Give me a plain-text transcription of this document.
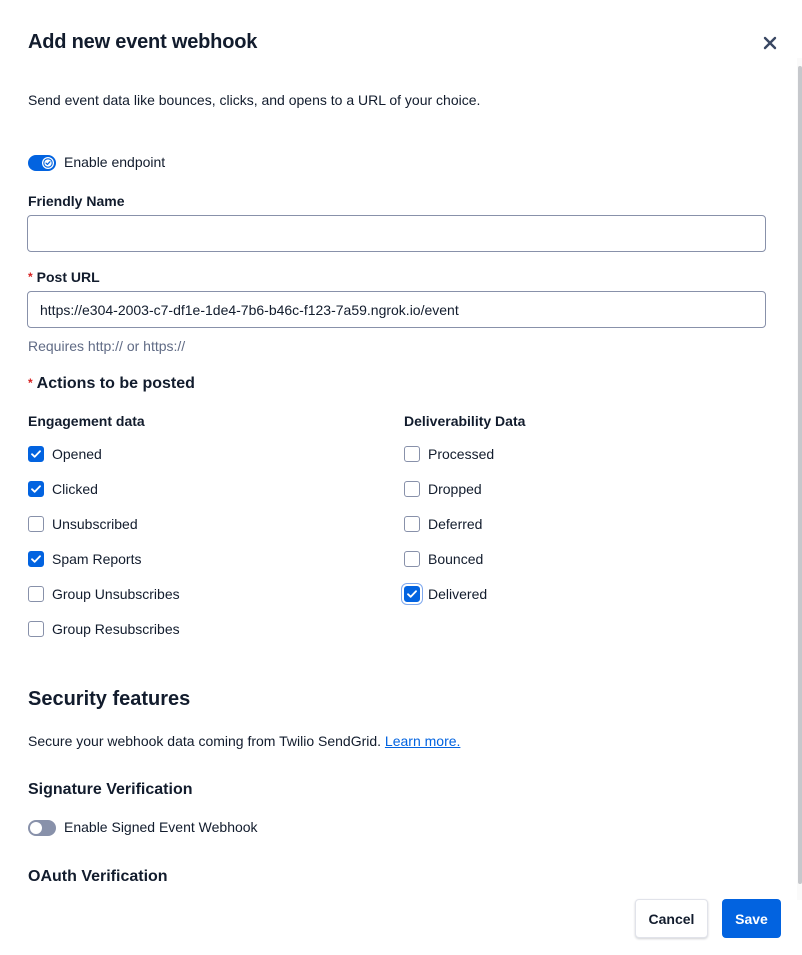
Add new event webhook
Send event data like bounces, clicks, and opens to a URL of your choice.
Enable endpoint
Friendly Name
* Post URL
https://e304-2003-c7-df1e-1de4-7b6-b46c-f123-7a59.ngrok.io/event
Requires http:// or https://
* Actions to be posted
Engagement data	Deliverability Data
Opened
Clicked
Unsubscribed
Spam Reports
Group Unsubscribes
Group Resubscribes
Processed
Dropped
Deferred
Bounced
Delivered
Security features
Secure your webhook data coming from Twilio SendGrid. Learn more.
Signature Verification
Enable Signed Event Webhook
OAuth Verification
Cancel	Save
